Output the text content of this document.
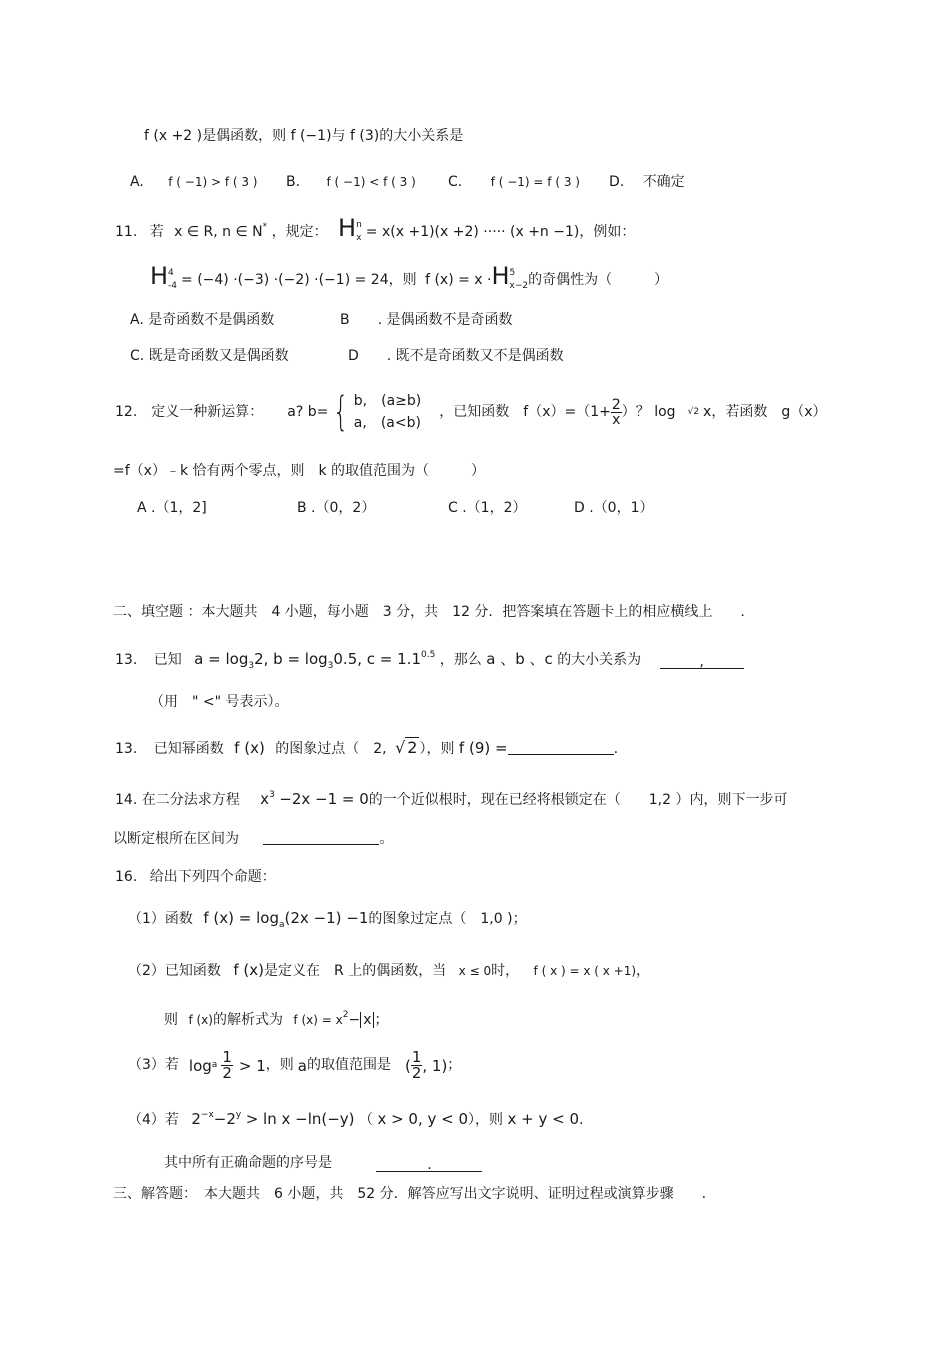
f (x +2 )是偶函数，则 f (−1)与 f (3)的大小关系是
A. f ( −1) > f ( 3 ) B. f ( −1) < f ( 3 ) C. f ( −1) = f ( 3 ) D. 不确定
11. 若 x ∈ R, n ∈ N* ，规定： H n
x = x(x +1)(x +2) ····· (x +n −1)，例如：
H 4
-4 = (−4) ·(−3) ·(−2) ·(−1) = 24，则 f (x) = x ·H 5
x−2 的奇偶性为（　　　）
A. 是奇函数不是偶函数	B　　. 是偶函数不是奇函数
C. 既是奇函数又是偶函数	D　　. 既不是奇函数又不是偶函数
12. 定义一种新运算： a? b= { b,　(a≥b)
a,　(a<b)
，已知函数 $f(x)=(1+ \frac{2}{x}$ ）？ log √2 x，若函数 g（x）
=f（x）﹣k 恰有两个零点，则　k 的取值范围为（　　　）
A .（1，2]	B .（0，2）	C .（1，2）	D .（0，1）
二、填空题 ：本大题共　4 小题，每小题　3 分，共　12 分．把答案填在答题卡上的相应横线上　　.
13. 已知 $a = \log_32$, $b = \log_30.5$, $c = 1.1^{0.5}$ ，那么 a 、b 、c 的大小关系为	,
（用　" <" 号表示）。
13. 已知幂函数 f (x) 的图象过点（　2, √ 2 ），则 f (9) =	.
14. 在二分法求方程 $x^3 -2x -1 = 0$的一个近似根时，现在已经将根锁定在（　　1,2 ）内，则下一步可
以断定根所在区间为	。
16. 给出下列四个命题：
（1）函数 f $(x) = \log_a(2x -1) -1$的图象过定点（　1,0 )；
（2）已知函数 f (x)是定义在　R 上的偶函数，当 x ≤ 0时， f ( x ) = x ( x +1)，
则 f (x)的解析式为 f $(x) = x^2- x$ ；
（3）若 log a $\frac{1}{2} > 1$ ，则 a 的取值范围是 ( $\frac{1}{2}$ , 1) ；
（4）若 $2^{-x}-2^y > \ln x -\ln(-y)$ （ x > 0, y < 0），则 x + y < 0.
其中所有正确命题的序号是	.
三、解答题：　本大题共　6 小题，共　52 分．解答应写出文字说明、证明过程或演算步骤　　.
